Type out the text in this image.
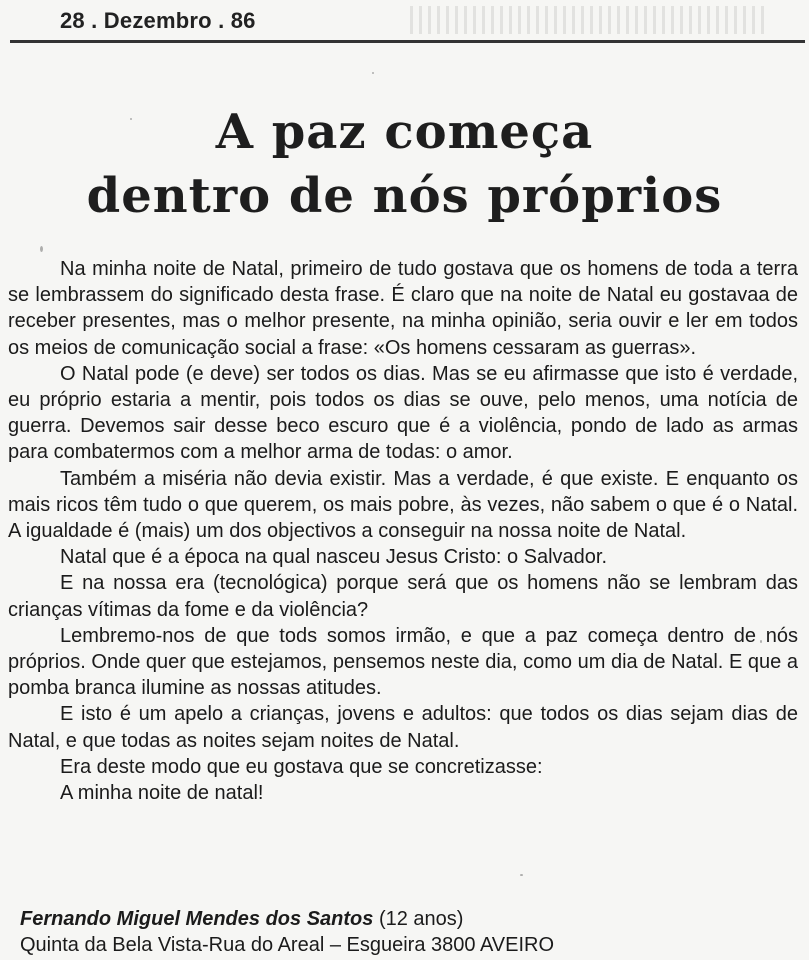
28 . Dezembro . 86
A paz começa
dentro de nós próprios

Na minha noite de Natal, primeiro de tudo gostava que os homens de toda a terra se lembrassem do significado desta frase. É claro que na noite de Natal eu gostavaa de receber presentes, mas o melhor presente, na minha opinião, seria ouvir e ler em todos os meios de comunicação social a frase: «Os homens cessaram as guerras».

O Natal pode (e deve) ser todos os dias. Mas se eu afirmasse que isto é verdade, eu próprio estaria a mentir, pois todos os dias se ouve, pelo menos, uma notícia de guerra. Devemos sair desse beco escuro que é a violência, pondo de lado as armas para combatermos com a melhor arma de todas: o amor.

Também a miséria não devia existir. Mas a verdade, é que existe. E enquanto os mais ricos têm tudo o que querem, os mais pobre, às vezes, não sabem o que é o Natal. A igualdade é (mais) um dos objectivos a conseguir na nossa noite de Natal.

Natal que é a época na qual nasceu Jesus Cristo: o Salvador.

E na nossa era (tecnológica) porque será que os homens não se lembram das crianças vítimas da fome e da violência?

Lembremo-nos de que tods somos irmão, e que a paz começa dentro de nós próprios. Onde quer que estejamos, pensemos neste dia, como um dia de Natal. E que a pomba branca ilumine as nossas atitudes.

E isto é um apelo a crianças, jovens e adultos: que todos os dias sejam dias de Natal, e que todas as noites sejam noites de Natal.

Era deste modo que eu gostava que se concretizasse:

A minha noite de natal!

Fernando Miguel Mendes dos Santos (12 anos)
Quinta da Bela Vista-Rua do Areal – Esgueira 3800 AVEIRO
